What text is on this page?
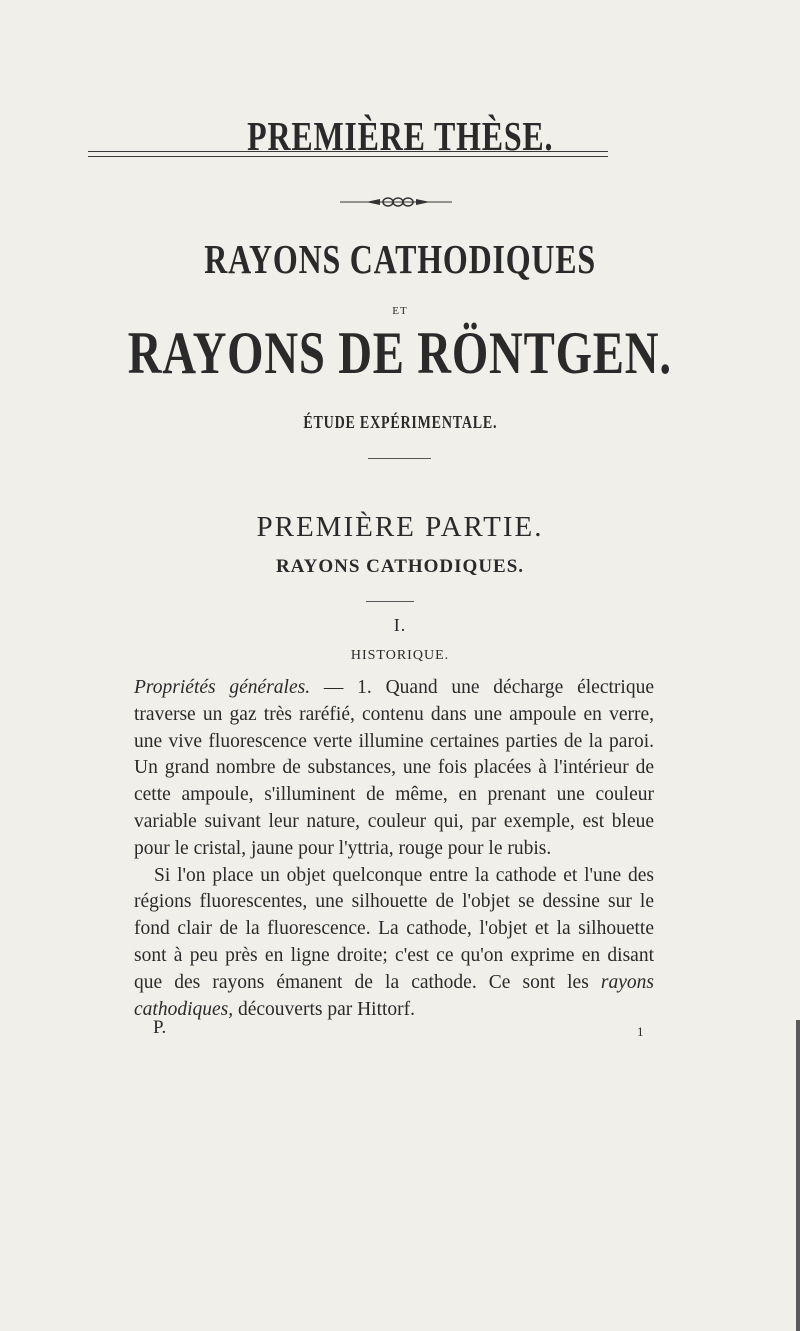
PREMIÈRE THÈSE.
RAYONS CATHODIQUES
ET
RAYONS DE RÖNTGEN.
ÉTUDE EXPÉRIMENTALE.
PREMIÈRE PARTIE.
RAYONS CATHODIQUES.
I.
HISTORIQUE.

Propriétés générales. — 1. Quand une décharge électrique traverse un gaz très raréfié, contenu dans une ampoule en verre, une vive fluorescence verte illumine certaines parties de la paroi. Un grand nombre de substances, une fois placées à l'intérieur de cette ampoule, s'illuminent de même, en prenant une couleur variable suivant leur nature, couleur qui, par exemple, est bleue pour le cristal, jaune pour l'yttria, rouge pour le rubis.

Si l'on place un objet quelconque entre la cathode et l'une des régions fluorescentes, une silhouette de l'objet se dessine sur le fond clair de la fluorescence. La cathode, l'objet et la silhouette sont à peu près en ligne droite; c'est ce qu'on exprime en disant que des rayons émanent de la cathode. Ce sont les rayons cathodiques, découverts par Hittorf.

P.	1
